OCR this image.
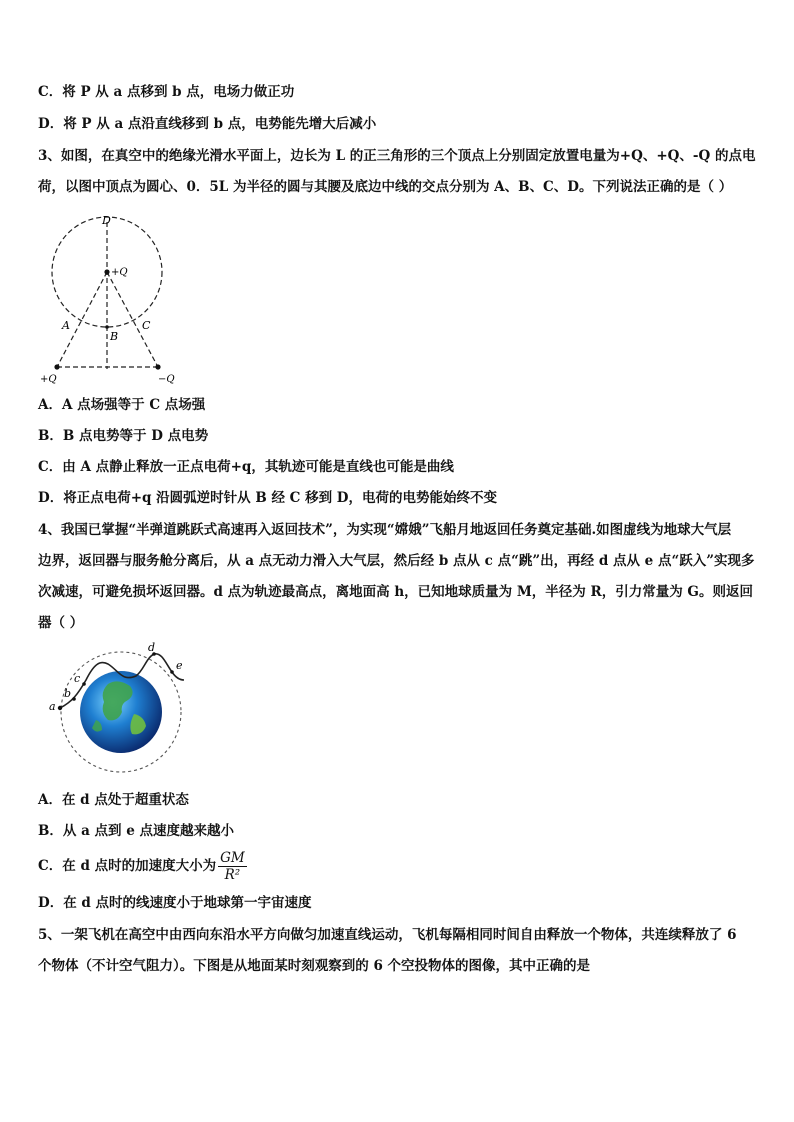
C．将 P 从 a 点移到 b 点，电场力做正功
D．将 P 从 a 点沿直线移到 b 点，电势能先增大后减小
3、如图，在真空中的绝缘光滑水平面上，边长为 L 的正三角形的三个顶点上分别固定放置电量为+Q、+Q、-Q 的点电
荷，以图中顶点为圆心、0．5L 为半径的圆与其腰及底边中线的交点分别为 A、B、C、D。下列说法正确的是（ ）
D
+Q
A
B
C
+Q	−Q
A．A 点场强等于 C 点场强
B．B 点电势等于 D 点电势
C．由 A 点静止释放一正点电荷+q，其轨迹可能是直线也可能是曲线
D．将正点电荷+q 沿圆弧逆时针从 B 经 C 移到 D，电荷的电势能始终不变
4、我国已掌握“半弹道跳跃式高速再入返回技术”，为实现“嫦娥”飞船月地返回任务奠定基础.如图虚线为地球大气层
边界，返回器与服务舱分离后，从 a 点无动力滑入大气层，然后经 b 点从 c 点“跳”出，再经 d 点从 e 点“跃入”实现多
次减速，可避免损坏返回器。d 点为轨迹最高点，离地面高 h，已知地球质量为 M，半径为 R，引力常量为 G。则返回
器（ ）
a
b
c
d
e
A．在 d 点处于超重状态
B．从 a 点到 e 点速度越来越小
C．在 d 点时的加速度大小为 $\frac{GM}{\text{R²}}$
D．在 d 点时的线速度小于地球第一宇宙速度
5、一架飞机在高空中由西向东沿水平方向做匀加速直线运动，飞机每隔相同时间自由释放一个物体，共连续释放了 6
个物体（不计空气阻力）。下图是从地面某时刻观察到的 6 个空投物体的图像，其中正确的是
